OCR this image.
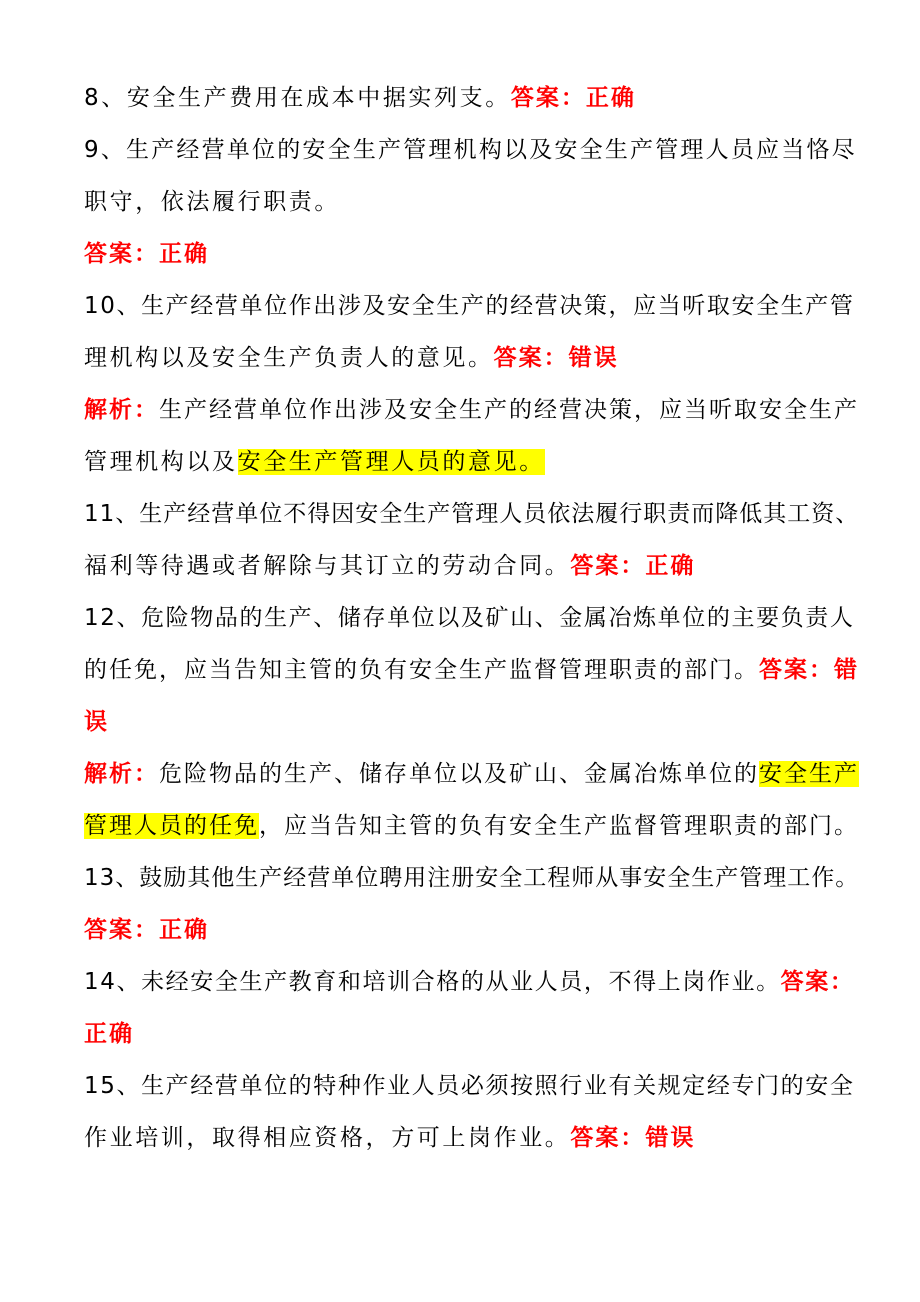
8、安全生产费用在成本中据实列支。答案：正确
9、生产经营单位的安全生产管理机构以及安全生产管理人员应当恪尽
职守，依法履行职责。
答案：正确
10、生产经营单位作出涉及安全生产的经营决策，应当听取安全生产管
理机构以及安全生产负责人的意见。答案：错误
解析：生产经营单位作出涉及安全生产的经营决策，应当听取安全生产
管理机构以及安全生产管理人员的意见。
11、生产经营单位不得因安全生产管理人员依法履行职责而降低其工资、
福利等待遇或者解除与其订立的劳动合同。答案：正确
12、危险物品的生产、储存单位以及矿山、金属冶炼单位的主要负责人
的任免，应当告知主管的负有安全生产监督管理职责的部门。答案：错
误
解析：危险物品的生产、储存单位以及矿山、金属冶炼单位的安全生产
管理人员的任免，应当告知主管的负有安全生产监督管理职责的部门。
13、鼓励其他生产经营单位聘用注册安全工程师从事安全生产管理工作。
答案：正确
14、未经安全生产教育和培训合格的从业人员，不得上岗作业。答案：
正确
15、生产经营单位的特种作业人员必须按照行业有关规定经专门的安全
作业培训，取得相应资格，方可上岗作业。答案：错误
